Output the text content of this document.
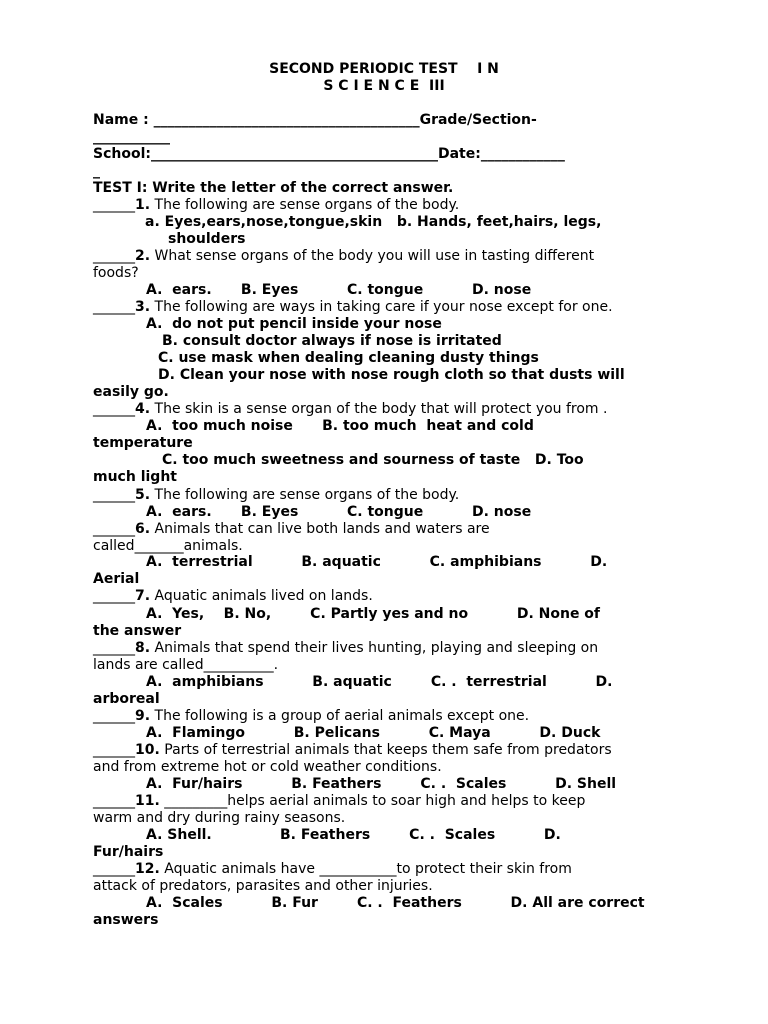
SECOND PERIODIC TEST    I N
S C I E N C E  III
Name : ______________________________________Grade/Section-
___________
School:_________________________________________Date:____________
_
TEST I: Write the letter of the correct answer.
______1. The following are sense organs of the body.
a. Eyes,ears,nose,tongue,skin   b. Hands, feet,hairs, legs,
shoulders
______2. What sense organs of the body you will use in tasting different
foods?
A.  ears.      B. Eyes          C. tongue          D. nose
______3. The following are ways in taking care if your nose except for one.
A.  do not put pencil inside your nose
B. consult doctor always if nose is irritated
C. use mask when dealing cleaning dusty things
D. Clean your nose with nose rough cloth so that dusts will
easily go.
______4. The skin is a sense organ of the body that will protect you from .
A.  too much noise      B. too much  heat and cold
temperature
C. too much sweetness and sourness of taste   D. Too
much light
______5. The following are sense organs of the body.
A.  ears.      B. Eyes          C. tongue          D. nose
______6. Animals that can live both lands and waters are
called_______animals.
A.  terrestrial          B. aquatic          C. amphibians          D.
Aerial
______7. Aquatic animals lived on lands.
A.  Yes,    B. No,        C. Partly yes and no          D. None of
the answer
______8. Animals that spend their lives hunting, playing and sleeping on
lands are called__________.
A.  amphibians          B. aquatic        C. .  terrestrial          D.
arboreal
______9. The following is a group of aerial animals except one.
A.  Flamingo          B. Pelicans          C. Maya          D. Duck
______10. Parts of terrestrial animals that keeps them safe from predators
and from extreme hot or cold weather conditions.
A.  Fur/hairs          B. Feathers        C. .  Scales          D. Shell
______11. _________helps aerial animals to soar high and helps to keep
warm and dry during rainy seasons.
A. Shell.              B. Feathers        C. .  Scales          D.
Fur/hairs
______12. Aquatic animals have ___________to protect their skin from
attack of predators, parasites and other injuries.
A.  Scales          B. Fur        C. .  Feathers          D. All are correct
answers
